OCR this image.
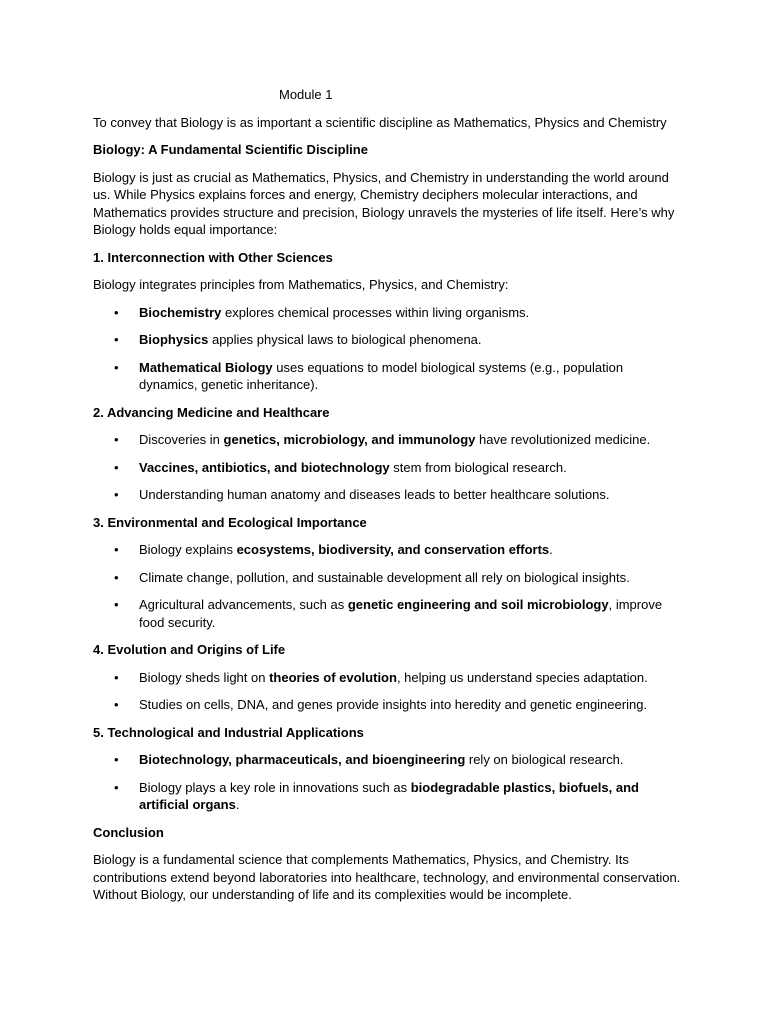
Module 1

To convey that Biology is as important a scientific discipline as Mathematics, Physics and Chemistry

Biology: A Fundamental Scientific Discipline

Biology is just as crucial as Mathematics, Physics, and Chemistry in understanding the world around us. While Physics explains forces and energy, Chemistry deciphers molecular interactions, and Mathematics provides structure and precision, Biology unravels the mysteries of life itself. Here’s why Biology holds equal importance:

1. Interconnection with Other Sciences

Biology integrates principles from Mathematics, Physics, and Chemistry:

• Biochemistry explores chemical processes within living organisms.
• Biophysics applies physical laws to biological phenomena.
• Mathematical Biology uses equations to model biological systems (e.g., population dynamics, genetic inheritance).

2. Advancing Medicine and Healthcare

• Discoveries in genetics, microbiology, and immunology have revolutionized medicine.
• Vaccines, antibiotics, and biotechnology stem from biological research.
• Understanding human anatomy and diseases leads to better healthcare solutions.

3. Environmental and Ecological Importance

• Biology explains ecosystems, biodiversity, and conservation efforts.
• Climate change, pollution, and sustainable development all rely on biological insights.
• Agricultural advancements, such as genetic engineering and soil microbiology, improve food security.

4. Evolution and Origins of Life

• Biology sheds light on theories of evolution, helping us understand species adaptation.
• Studies on cells, DNA, and genes provide insights into heredity and genetic engineering.

5. Technological and Industrial Applications

• Biotechnology, pharmaceuticals, and bioengineering rely on biological research.
• Biology plays a key role in innovations such as biodegradable plastics, biofuels, and artificial organs.

Conclusion

Biology is a fundamental science that complements Mathematics, Physics, and Chemistry. Its contributions extend beyond laboratories into healthcare, technology, and environmental conservation. Without Biology, our understanding of life and its complexities would be incomplete.
